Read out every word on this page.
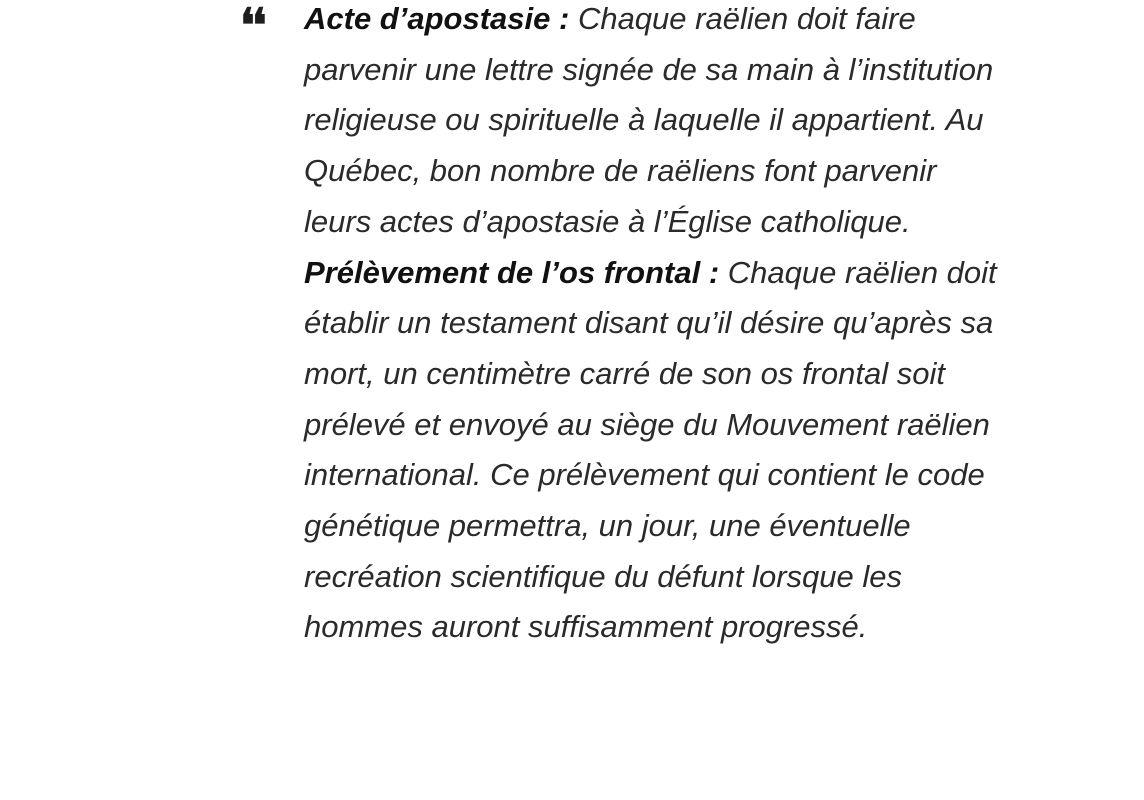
❛❛ Acte d’apostasie : Chaque raëlien doit faire parvenir une lettre signée de sa main à l’institution religieuse ou spirituelle à laquelle il appartient. Au Québec, bon nombre de raëliens font parvenir leurs actes d’apostasie à l’Église catholique.

Prélèvement de l’os frontal : Chaque raëlien doit établir un testament disant qu’il désire qu’après sa mort, un centimètre carré de son os frontal soit prélevé et envoyé au siège du Mouvement raëlien international. Ce prélèvement qui contient le code génétique permettra, un jour, une éventuelle recréation scientifique du défunt lorsque les hommes auront suffisamment progressé.
